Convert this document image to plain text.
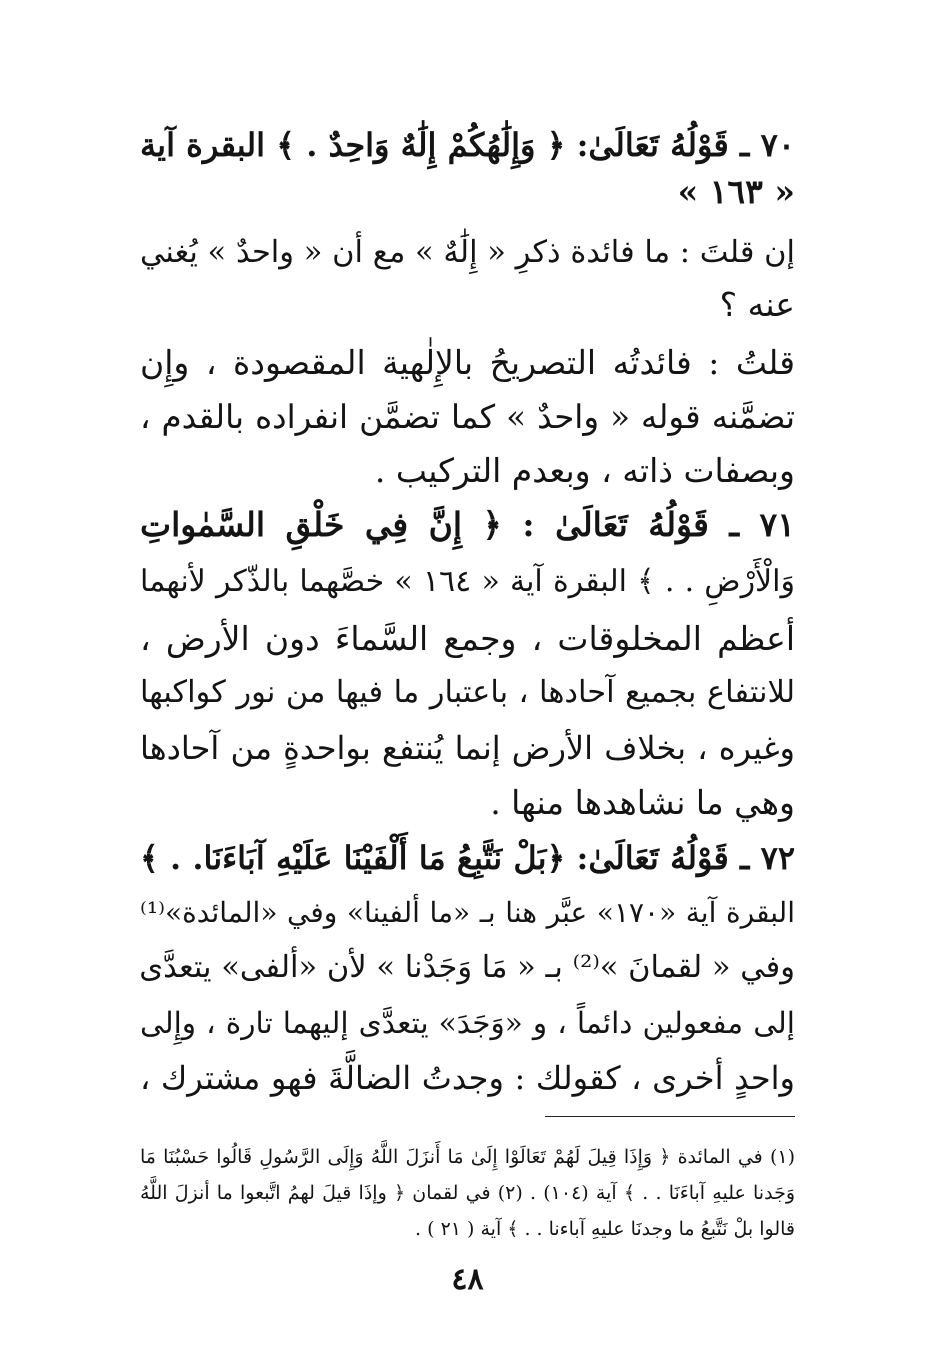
٧٠ ـ قَوْلُهُ تَعَالَىٰ: ﴿ وَإِلَٰهُكُمْ إِلَٰهٌ وَاحِدٌ . ﴾ البقرة آية
« ١٦٣ »
إن قلتَ : ما فائدة ذكرِ « إِلَٰهٌ » مع أن « واحدٌ » يُغني
عنه ؟
قلتُ : فائدتُه التصريحُ بالإِلٰهية المقصودة ، وإِن
تضمَّنه قوله « واحدٌ » كما تضمَّن انفراده بالقدم ،
وبصفات ذاته ، وبعدم التركيب .
٧١ ـ قَوْلُهُ تَعَالَىٰ : ﴿ إِنَّ فِي خَلْقِ السَّمٰواتِ
وَالْأَرْضِ . . ﴾ البقرة آية « ١٦٤ » خصَّهما بالذّكر لأنهما
أعظم المخلوقات ، وجمع السَّماءَ دون الأرض ،
للانتفاع بجميع آحادها ، باعتبار ما فيها من نور كواكبها
وغيره ، بخلاف الأرض إنما يُنتفع بواحدةٍ من آحادها
وهي ما نشاهدها منها .
٧٢ ـ قَوْلُهُ تَعَالَىٰ: ﴿بَلْ نَتَّبِعُ مَا أَلْفَيْنَا عَلَيْهِ آبَاءَنَا. . ﴾
البقرة آية «١٧٠» عبَّر هنا بـ «ما ألفينا» وفي «المائدة»⁽¹⁾
وفي « لقمانَ »⁽²⁾ بـ « مَا وَجَدْنا » لأن «ألفى» يتعدَّى
إلى مفعولين دائماً ، و «وَجَدَ» يتعدَّى إليهما تارة ، وإِلى
واحدٍ أخرى ، كقولك : وجدتُ الضالَّةَ فهو مشترك ،
(١) في المائدة ﴿ وَإِذَا قِيلَ لَهُمْ تَعَالَوْا إِلَىٰ مَا أَنزَلَ اللَّهُ وَإِلَى الرَّسُولِ قَالُوا حَسْبُنَا مَا
وَجَدنا عليهِ آباءَنَا . . ﴾ آية (١٠٤) . (٢) في لقمان ﴿ وإذَا قيلَ لهمُ اتَّبعوا ما أنزلَ اللَّهُ
قالوا بلْ نَتَّبعُ ما وجدنَا عليهِ آباءنا . . ﴾ آية ( ٢١ ) .
٤٨
